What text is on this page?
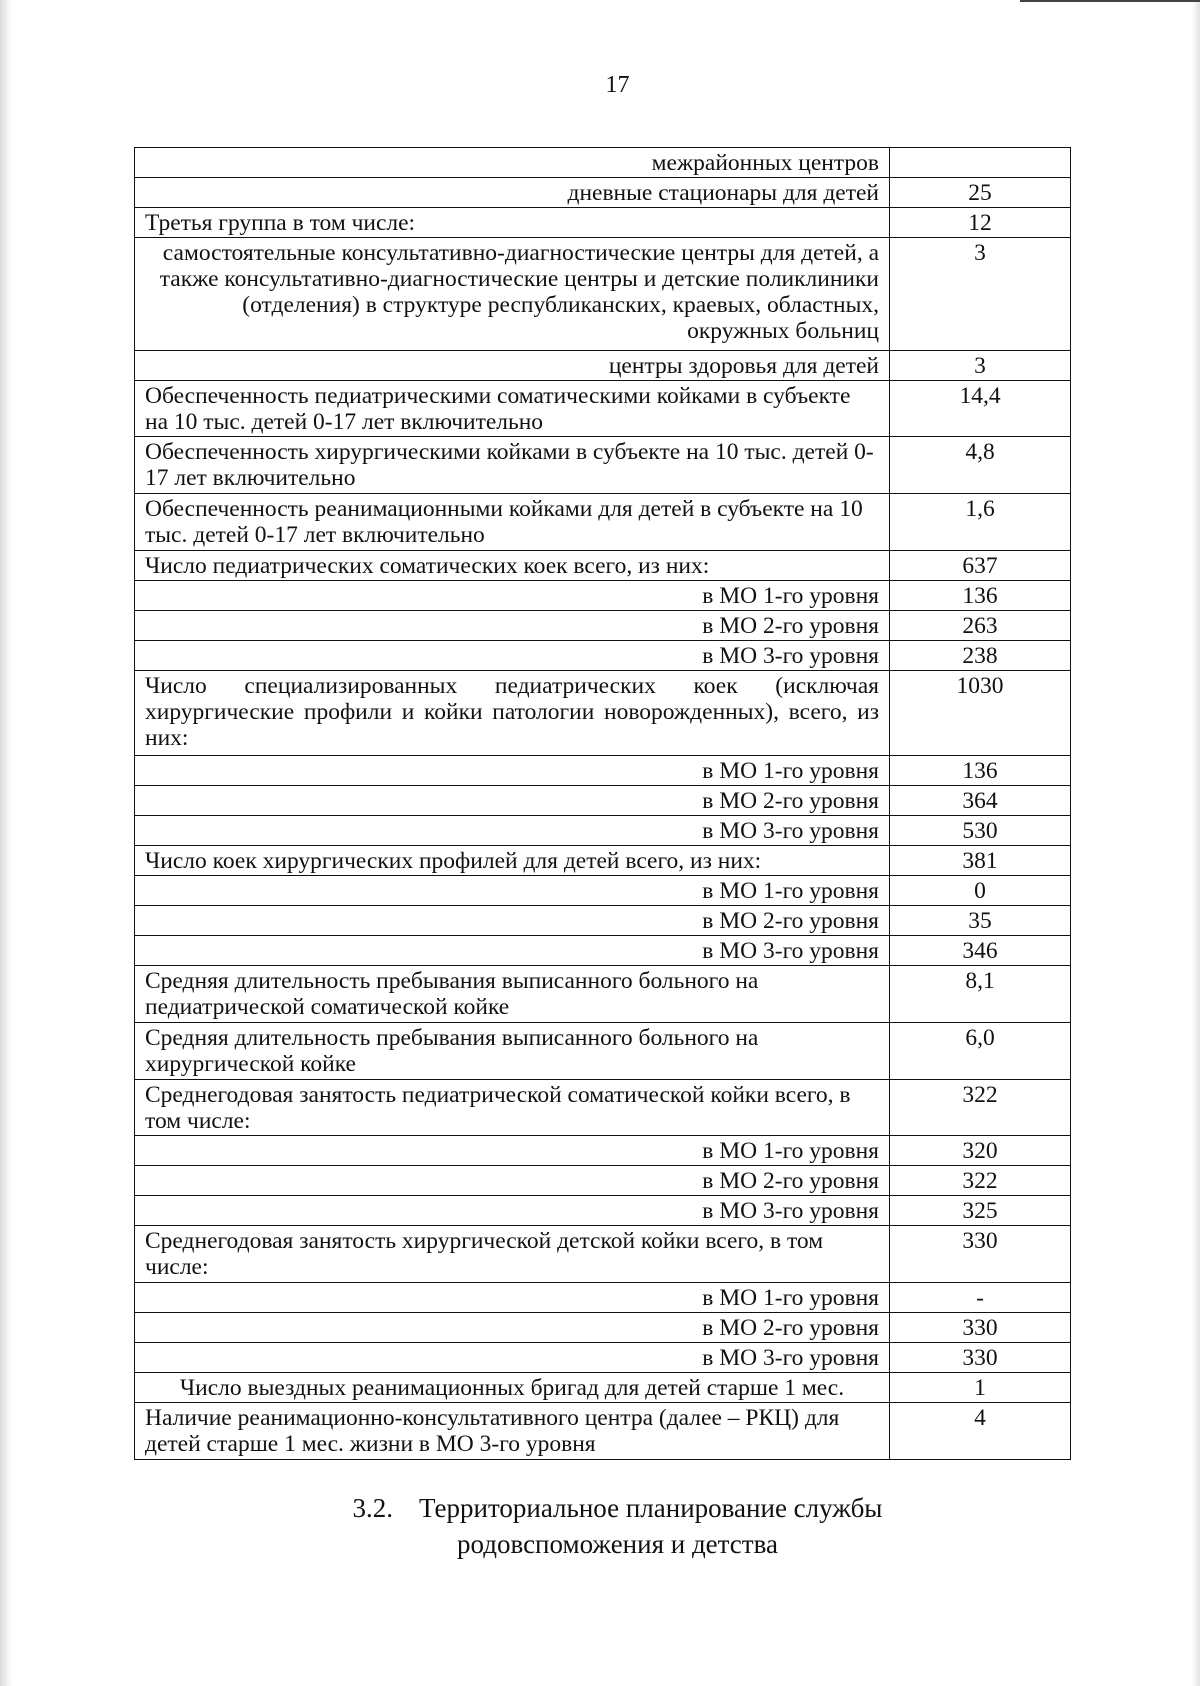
17
межрайонных центров	
дневные стационары для детей	25
Третья группа в том числе:	12
самостоятельные консультативно-диагностические центры для детей, а также консультативно-диагностические центры и детские поликлиники (отделения) в структуре республиканских, краевых, областных, окружных больниц	3
центры здоровья для детей	3
Обеспеченность педиатрическими соматическими койками в субъекте на 10 тыс. детей 0-17 лет включительно	14,4
Обеспеченность хирургическими койками в субъекте на 10 тыс. детей 0-17 лет включительно	4,8
Обеспеченность реанимационными койками для детей в субъекте на 10 тыс. детей 0-17 лет включительно	1,6
Число педиатрических соматических коек всего, из них:	637
в МО 1-го уровня	136
в МО 2-го уровня	263
в МО 3-го уровня	238
Число специализированных педиатрических коек (исключая хирургические профили и койки патологии новорожденных), всего, из них:	1030
в МО 1-го уровня	136
в МО 2-го уровня	364
в МО 3-го уровня	530
Число коек хирургических профилей для детей всего, из них:	381
в МО 1-го уровня	0
в МО 2-го уровня	35
в МО 3-го уровня	346
Средняя длительность пребывания выписанного больного на педиатрической соматической койке	8,1
Средняя длительность пребывания выписанного больного на хирургической койке	6,0
Среднегодовая занятость педиатрической соматической койки всего, в том числе:	322
в МО 1-го уровня	320
в МО 2-го уровня	322
в МО 3-го уровня	325
Среднегодовая занятость хирургической детской койки всего, в том числе:	330
в МО 1-го уровня	-
в МО 2-го уровня	330
в МО 3-го уровня	330
Число выездных реанимационных бригад для детей старше 1 мес.	1
Наличие реанимационно-консультативного центра (далее – РКЦ) для детей старше 1 мес. жизни в МО 3-го уровня	4
3.2. Территориальное планирование службы
родовспоможения и детства
